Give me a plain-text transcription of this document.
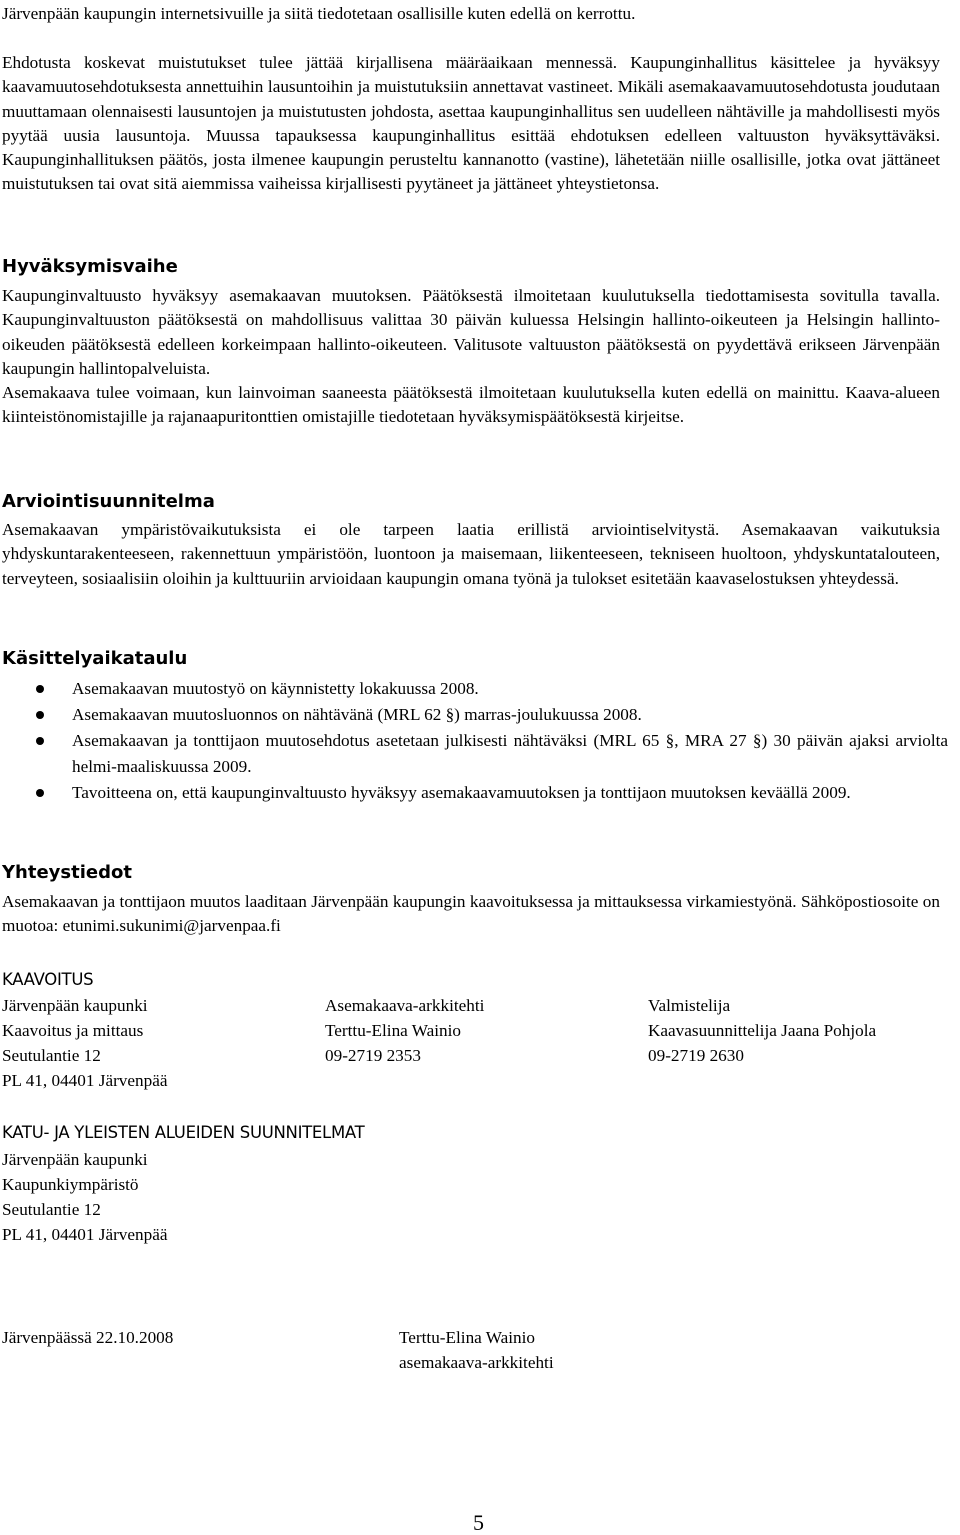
Järvenpään kaupungin internetsivuille ja siitä tiedotetaan osallisille kuten edellä on kerrottu.

Ehdotusta koskevat muistutukset tulee jättää kirjallisena määräaikaan mennessä. Kaupunginhallitus käsittelee ja hyväksyy kaavamuutosehdotuksesta annettuihin lausuntoihin ja muistutuksiin annettavat vastineet. Mikäli asemakaavamuutosehdotusta joudutaan muuttamaan olennaisesti lausuntojen ja muistutusten johdosta, asettaa kaupunginhallitus sen uudelleen nähtäville ja mahdollisesti myös pyytää uusia lausuntoja. Muussa tapauksessa kaupunginhallitus esittää ehdotuksen edelleen valtuuston hyväksyttäväksi. Kaupunginhallituksen päätös, josta ilmenee kaupungin perusteltu kannanotto (vastine), lähetetään niille osallisille, jotka ovat jättäneet muistutuksen tai ovat sitä aiemmissa vaiheissa kirjallisesti pyytäneet ja jättäneet yhteystietonsa.

Hyväksymisvaihe

Kaupunginvaltuusto hyväksyy asemakaavan muutoksen. Päätöksestä ilmoitetaan kuulutuksella tiedottamisesta sovitulla tavalla. Kaupunginvaltuuston päätöksestä on mahdollisuus valittaa 30 päivän kuluessa Helsingin hallinto-oikeuteen ja Helsingin hallinto-oikeuden päätöksestä edelleen korkeimpaan hallinto-oikeuteen. Valitusote valtuuston päätöksestä on pyydettävä erikseen Järvenpään kaupungin hallintopalveluista.

Asemakaava tulee voimaan, kun lainvoiman saaneesta päätöksestä ilmoitetaan kuulutuksella kuten edellä on mainittu. Kaava-alueen kiinteistönomistajille ja rajanaapuritonttien omistajille tiedotetaan hyväksymispäätöksestä kirjeitse.

Arviointisuunnitelma

Asemakaavan ympäristövaikutuksista ei ole tarpeen laatia erillistä arviointiselvitystä. Asemakaavan vaikutuksia yhdyskuntarakenteeseen, rakennettuun ympäristöön, luontoon ja maisemaan, liikenteeseen, tekniseen huoltoon, yhdyskuntatalouteen, terveyteen, sosiaalisiin oloihin ja kulttuuriin arvioidaan kaupungin omana työnä ja tulokset esitetään kaavaselostuksen yhteydessä.

Käsittelyaikataulu
Asemakaavan muutostyö on käynnistetty lokakuussa 2008.
Asemakaavan muutosluonnos on nähtävänä (MRL 62 §) marras-joulukuussa 2008.
Asemakaavan ja tonttijaon muutosehdotus asetetaan julkisesti nähtäväksi (MRL 65 §, MRA 27 §) 30 päivän ajaksi arviolta helmi-maaliskuussa 2009.
Tavoitteena on, että kaupunginvaltuusto hyväksyy asemakaavamuutoksen ja tonttijaon muutoksen keväällä 2009.
Yhteystiedot

Asemakaavan ja tonttijaon muutos laaditaan Järvenpään kaupungin kaavoituksessa ja mittauksessa virkamiestyönä. Sähköpostiosoite on muotoa: etunimi.sukunimi@jarvenpaa.fi

KAAVOITUS
Järvenpään kaupunki
Kaavoitus ja mittaus
Seutulantie 12
PL 41, 04401 Järvenpää
Asemakaava-arkkitehti
Terttu-Elina Wainio
09-2719 2353
Valmistelija
Kaavasuunnittelija Jaana Pohjola
09-2719 2630
KATU- JA YLEISTEN ALUEIDEN SUUNNITELMAT
Järvenpään kaupunki
Kaupunkiympäristö
Seutulantie 12
PL 41, 04401 Järvenpää
Järvenpäässä 22.10.2008	Terttu-Elina Wainio
asemakaava-arkkitehti
5
